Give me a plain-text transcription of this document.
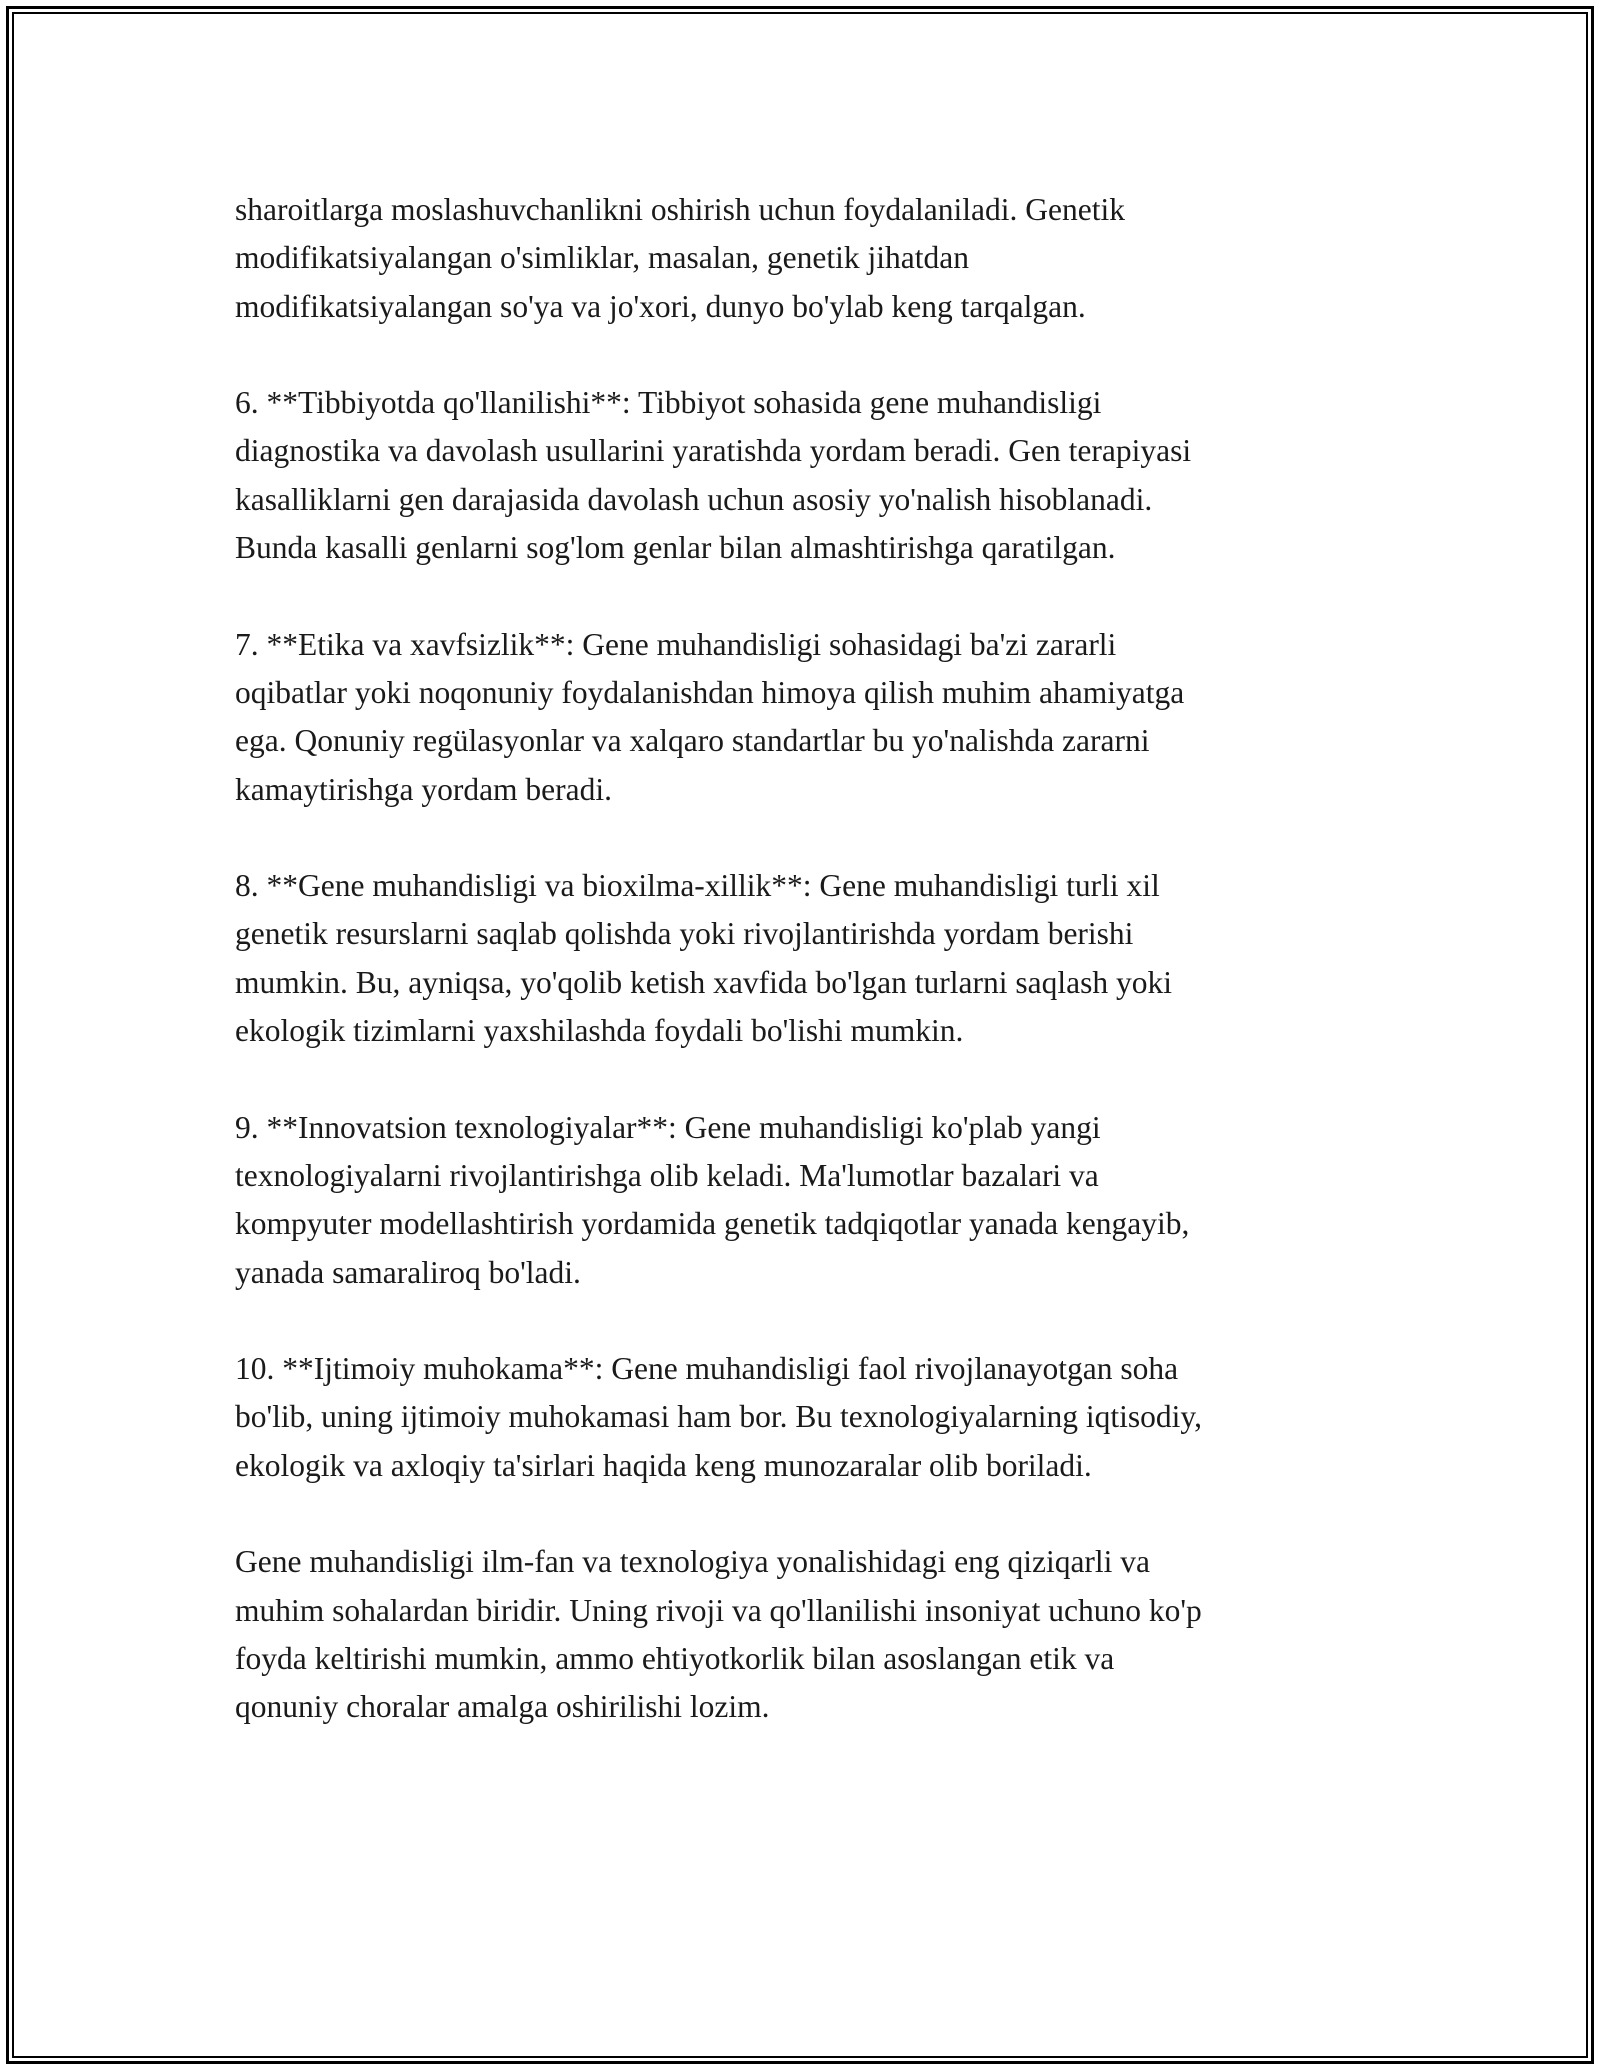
sharoitlarga moslashuvchanlikni oshirish uchun foydalaniladi. Genetik
modifikatsiyalangan o'simliklar, masalan, genetik jihatdan
modifikatsiyalangan so'ya va jo'xori, dunyo bo'ylab keng tarqalgan.

6. **Tibbiyotda qo'llanilishi**: Tibbiyot sohasida gene muhandisligi
diagnostika va davolash usullarini yaratishda yordam beradi. Gen terapiyasi
kasalliklarni gen darajasida davolash uchun asosiy yo'nalish hisoblanadi.
Bunda kasalli genlarni sog'lom genlar bilan almashtirishga qaratilgan.

7. **Etika va xavfsizlik**: Gene muhandisligi sohasidagi ba'zi zararli
oqibatlar yoki noqonuniy foydalanishdan himoya qilish muhim ahamiyatga
ega. Qonuniy regülasyonlar va xalqaro standartlar bu yo'nalishda zararni
kamaytirishga yordam beradi.

8. **Gene muhandisligi va bioxilma-xillik**: Gene muhandisligi turli xil
genetik resurslarni saqlab qolishda yoki rivojlantirishda yordam berishi
mumkin. Bu, ayniqsa, yo'qolib ketish xavfida bo'lgan turlarni saqlash yoki
ekologik tizimlarni yaxshilashda foydali bo'lishi mumkin.

9. **Innovatsion texnologiyalar**: Gene muhandisligi ko'plab yangi
texnologiyalarni rivojlantirishga olib keladi. Ma'lumotlar bazalari va
kompyuter modellashtirish yordamida genetik tadqiqotlar yanada kengayib,
yanada samaraliroq bo'ladi.

10. **Ijtimoiy muhokama**: Gene muhandisligi faol rivojlanayotgan soha
bo'lib, uning ijtimoiy muhokamasi ham bor. Bu texnologiyalarning iqtisodiy,
ekologik va axloqiy ta'sirlari haqida keng munozaralar olib boriladi.

Gene muhandisligi ilm-fan va texnologiya yonalishidagi eng qiziqarli va
muhim sohalardan biridir. Uning rivoji va qo'llanilishi insoniyat uchuno ko'p
foyda keltirishi mumkin, ammo ehtiyotkorlik bilan asoslangan etik va
qonuniy choralar amalga oshirilishi lozim.
